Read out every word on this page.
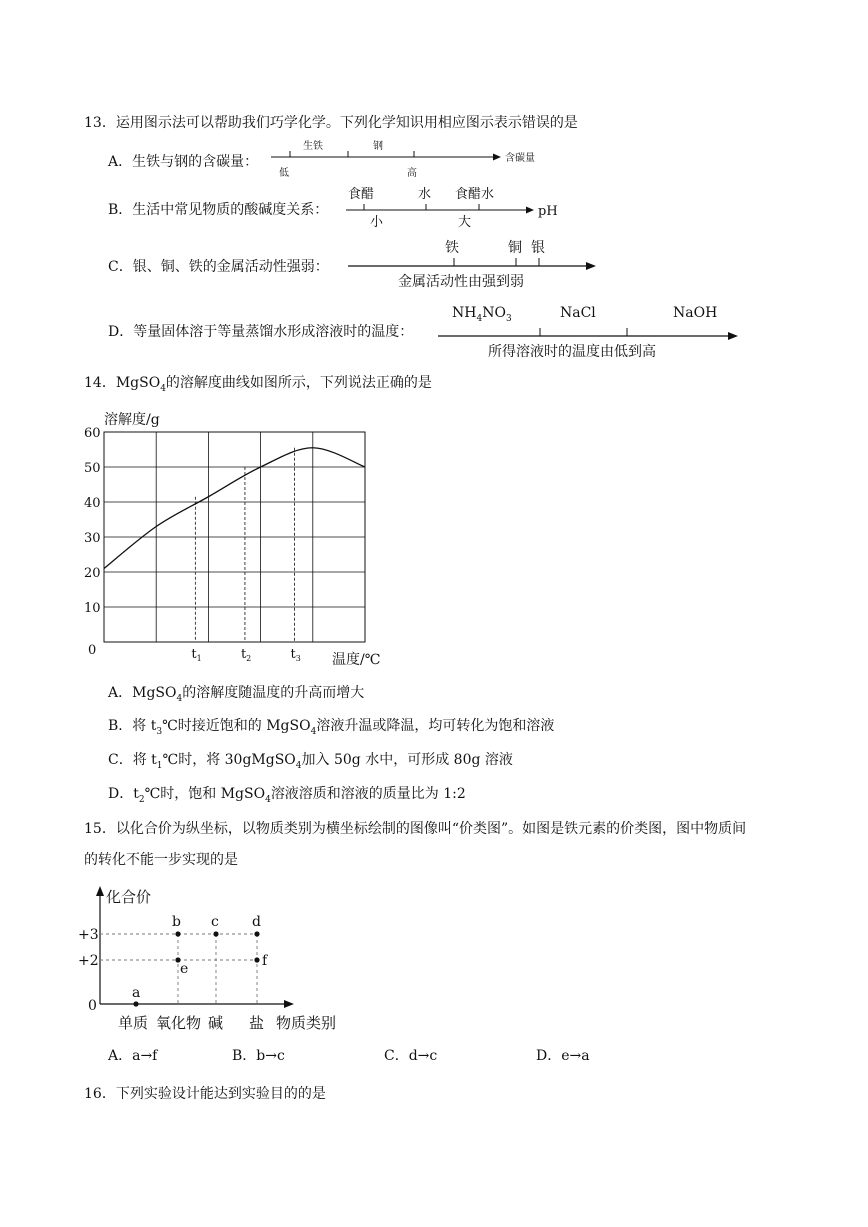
13．运用图示法可以帮助我们巧学化学。下列化学知识用相应图示表示错误的是
A．生铁与钢的含碳量：
生铁	钢
低	高
含碳量
B．生活中常见物质的酸碱度关系：
食醋	水 食醋水
小	大
pH
C．银、铜、铁的金属活动性强弱：
铁	铜 银
金属活动性由强到弱
D．等量固体溶于等量蒸馏水形成溶液时的温度：
$NH_4NO_3$	NaCl	NaOH
所得溶液时的温度由低到高
14．MgSO$_4$的溶解度曲线如图所示，下列说法正确的是
溶解度/g
60
50
40
30
20
10
0	$t_1$	$t_2$	$t_3$ 温度/℃
A．MgSO$_4$的溶解度随温度的升高而增大
B．将 $t_3℃$时接近饱和的 MgSO$_4$溶液升温或降温，均可转化为饱和溶液
C．将 $t_1℃$时，将 30gMgSO$_4$加入 50g 水中，可形成 80g 溶液
D．$t_2℃$时，饱和 MgSO$_4$溶液溶质和溶液的质量比为 1:2
15．以化合价为纵坐标，以物质类别为横坐标绘制的图像叫“价类图”。如图是铁元素的价类图，图中物质间
的转化不能一步实现的是
化合价
+3
+2
0
a
b c d
e	f
单质 氧化物 碱 盐 物质类别
A．a→f	B．b→c	C．d→c	D．e→a
16．下列实验设计能达到实验目的的是
